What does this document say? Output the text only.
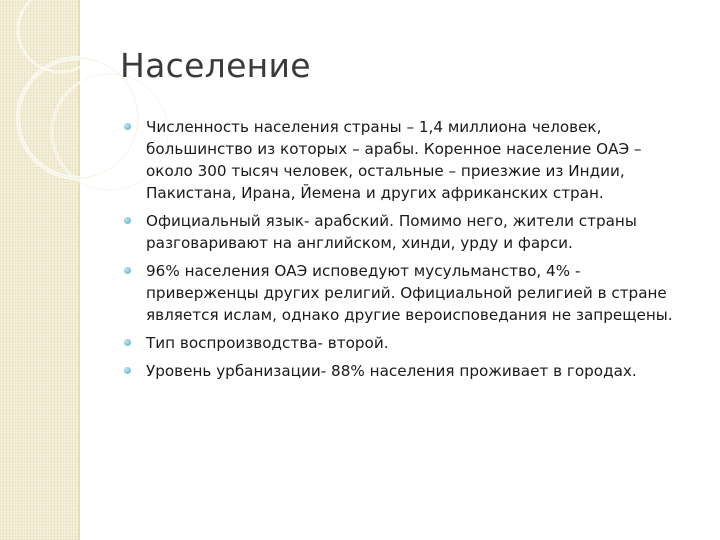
Население
Численность населения страны – 1,4 миллиона человек, большинство из которых – арабы. Коренное население ОАЭ – около 300 тысяч человек, остальные – приезжие из Индии, Пакистана, Ирана, Йемена и других африканских стран.
Официальный язык- арабский. Помимо него, жители страны разговаривают на английском, хинди, урду и фарси.
96% населения ОАЭ исповедуют мусульманство, 4% - приверженцы других религий. Официальной религией в стране является ислам, однако другие вероисповедания не запрещены.
Тип воспроизводства- второй.
Уровень урбанизации- 88% населения проживает в городах.
